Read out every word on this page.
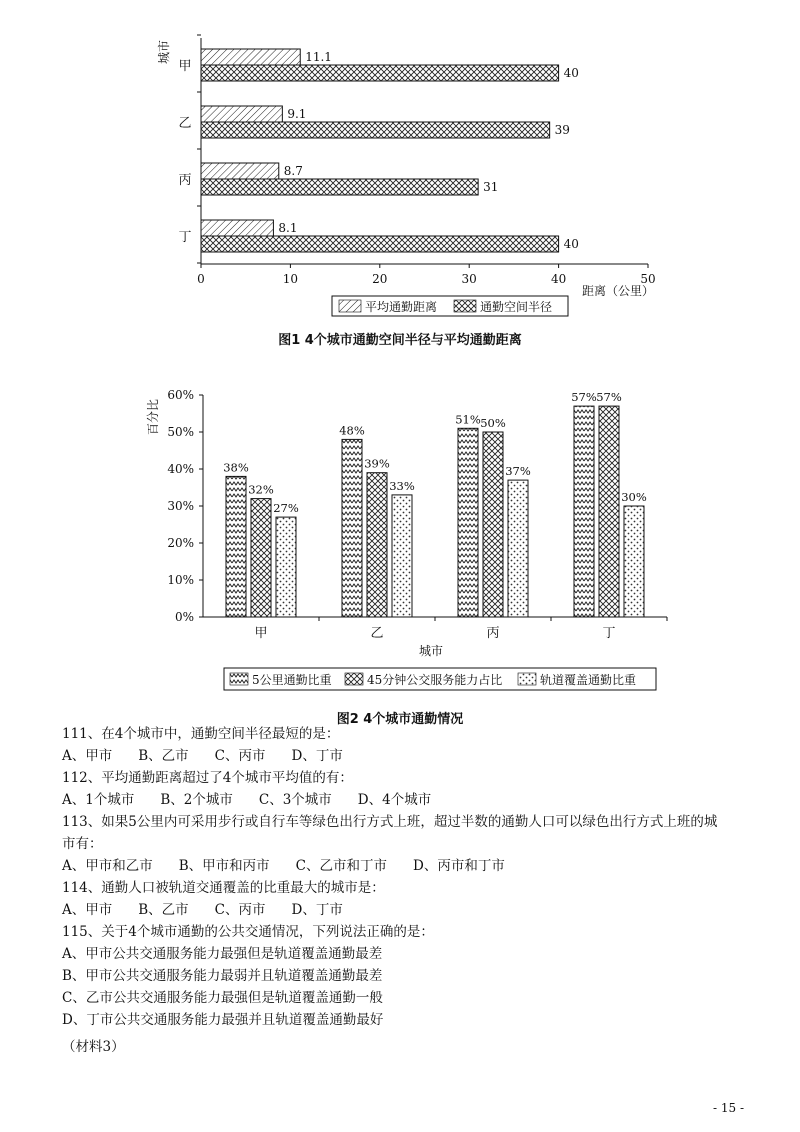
0	10	20	30	40	50
城市
距离（公里）
甲
11.1
40
乙
9.1
39
丙
8.7
31
丁
8.1
40
平均通勤距离	通勤空间半径
图1 4个城市通勤空间半径与平均通勤距离
0%
10%
20%
30%
40%
50%
60%
百分比
城市
甲
38%
32%
27%
乙
48%
39%
33%
丙
51% 50%
37%
丁
57% 57%
30%
5公里通勤比重	45分钟公交服务能力占比	轨道覆盖通勤比重
图2 4个城市通勤情况
111、在4个城市中，通勤空间半径最短的是：
A、甲市 B、乙市 C、丙市 D、丁市
112、平均通勤距离超过了4个城市平均值的有：
A、1个城市 B、2个城市 C、3个城市 D、4个城市
113、如果5公里内可采用步行或自行车等绿色出行方式上班，超过半数的通勤人口可以绿色出行方式上班的城
市有：
A、甲市和乙市 B、甲市和丙市 C、乙市和丁市 D、丙市和丁市
114、通勤人口被轨道交通覆盖的比重最大的城市是：
A、甲市 B、乙市 C、丙市 D、丁市
115、关于4个城市通勤的公共交通情况，下列说法正确的是：
A、甲市公共交通服务能力最强但是轨道覆盖通勤最差
B、甲市公共交通服务能力最弱并且轨道覆盖通勤最差
C、乙市公共交通服务能力最强但是轨道覆盖通勤一般
D、丁市公共交通服务能力最强并且轨道覆盖通勤最好
（材料3）
- 15 -
